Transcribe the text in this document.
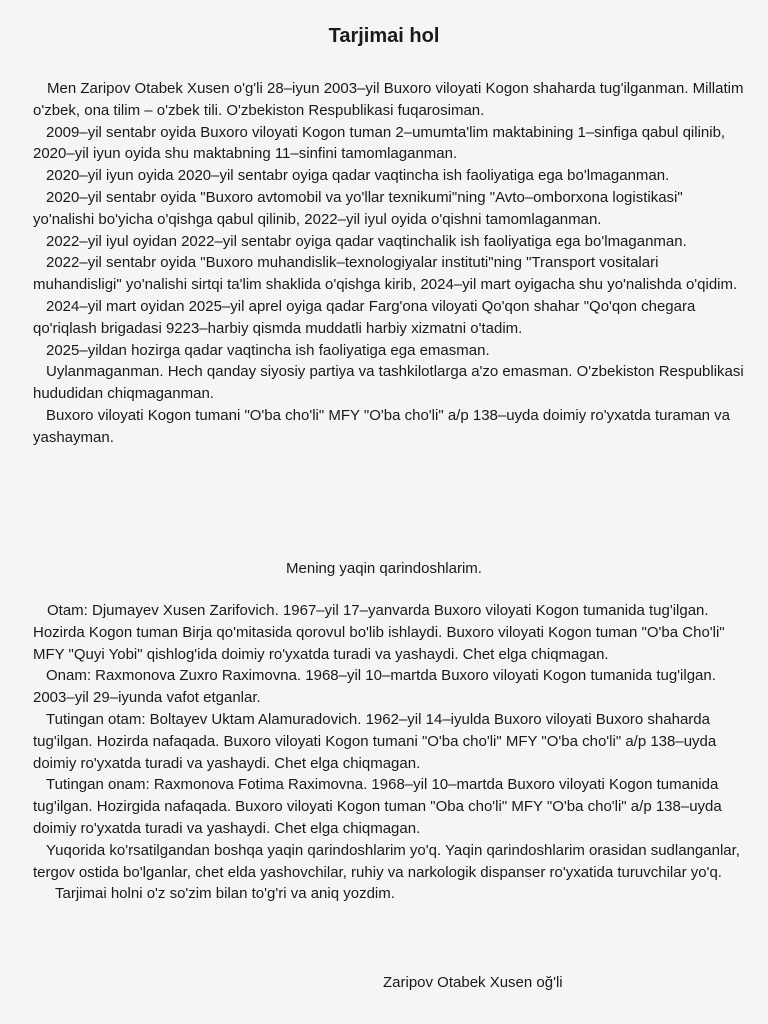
Tarjimai hol

Men Zaripov Otabek Xusen o'g'li 28–iyun 2003–yil Buxoro viloyati Kogon shaharda tug'ilganman. Millatim o'zbek, ona tilim – o'zbek tili. O'zbekiston Respublikasi fuqarosiman.

2009–yil sentabr oyida Buxoro viloyati Kogon tuman 2–umumta'lim maktabining 1–sinfiga qabul qilinib, 2020–yil iyun oyida shu maktabning 11–sinfini tamomlaganman.

2020–yil iyun oyida 2020–yil sentabr oyiga qadar vaqtincha ish faoliyatiga ega bo'lmaganman.

2020–yil sentabr oyida "Buxoro avtomobil va yo'llar texnikumi"ning "Avto–omborxona logistikasi" yo'nalishi bo'yicha o'qishga qabul qilinib, 2022–yil iyul oyida o'qishni tamomlaganman.

2022–yil iyul oyidan 2022–yil sentabr oyiga qadar vaqtinchalik ish faoliyatiga ega bo'lmaganman.

2022–yil sentabr oyida "Buxoro muhandislik–texnologiyalar instituti"ning "Transport vositalari muhandisligi" yo'nalishi sirtqi ta'lim shaklida o'qishga kirib, 2024–yil mart oyigacha shu yo'nalishda o'qidim.

2024–yil mart oyidan 2025–yil aprel oyiga qadar Farg'ona viloyati Qo'qon shahar "Qo'qon chegara qo'riqlash brigadasi 9223–harbiy qismda muddatli harbiy xizmatni o'tadim.

2025–yildan hozirga qadar vaqtincha ish faoliyatiga ega emasman.

Uylanmaganman. Hech qanday siyosiy partiya va tashkilotlarga a'zo emasman. O'zbekiston Respublikasi hududidan chiqmaganman.

Buxoro viloyati Kogon tumani "O'ba cho'li" MFY "O'ba cho'li" a/p 138–uyda doimiy ro'yxatda turaman va yashayman.

Mening yaqin qarindoshlarim.

Otam: Djumayev Xusen Zarifovich. 1967–yil 17–yanvarda Buxoro viloyati Kogon tumanida tug'ilgan. Hozirda Kogon tuman Birja qo'mitasida qorovul bo'lib ishlaydi. Buxoro viloyati Kogon tuman "O'ba Cho'li" MFY "Quyi Yobi" qishlog'ida doimiy ro'yxatda turadi va yashaydi. Chet elga chiqmagan.

Onam: Raxmonova Zuxro Raximovna. 1968–yil 10–martda Buxoro viloyati Kogon tumanida tug'ilgan. 2003–yil 29–iyunda vafot etganlar.

Tutingan otam: Boltayev Uktam Alamuradovich. 1962–yil 14–iyulda Buxoro viloyati Buxoro shaharda tug'ilgan. Hozirda nafaqada. Buxoro viloyati Kogon tumani "O'ba cho'li" MFY "O'ba cho'li" a/p 138–uyda doimiy ro'yxatda turadi va yashaydi. Chet elga chiqmagan.

Tutingan onam: Raxmonova Fotima Raximovna. 1968–yil 10–martda Buxoro viloyati Kogon tumanida tug'ilgan. Hozirgida nafaqada. Buxoro viloyati Kogon tuman "Oba cho'li" MFY "O'ba cho'li" a/p 138–uyda doimiy ro'yxatda turadi va yashaydi. Chet elga chiqmagan.

Yuqorida ko'rsatilgandan boshqa yaqin qarindoshlarim yo'q. Yaqin qarindoshlarim orasidan sudlanganlar, tergov ostida bo'lganlar, chet elda yashovchilar, ruhiy va narkologik dispanser ro'yxatida turuvchilar yo'q.

Tarjimai holni o'z so'zim bilan to'g'ri va aniq yozdim.

Zaripov Otabek Xusen oğ'li
